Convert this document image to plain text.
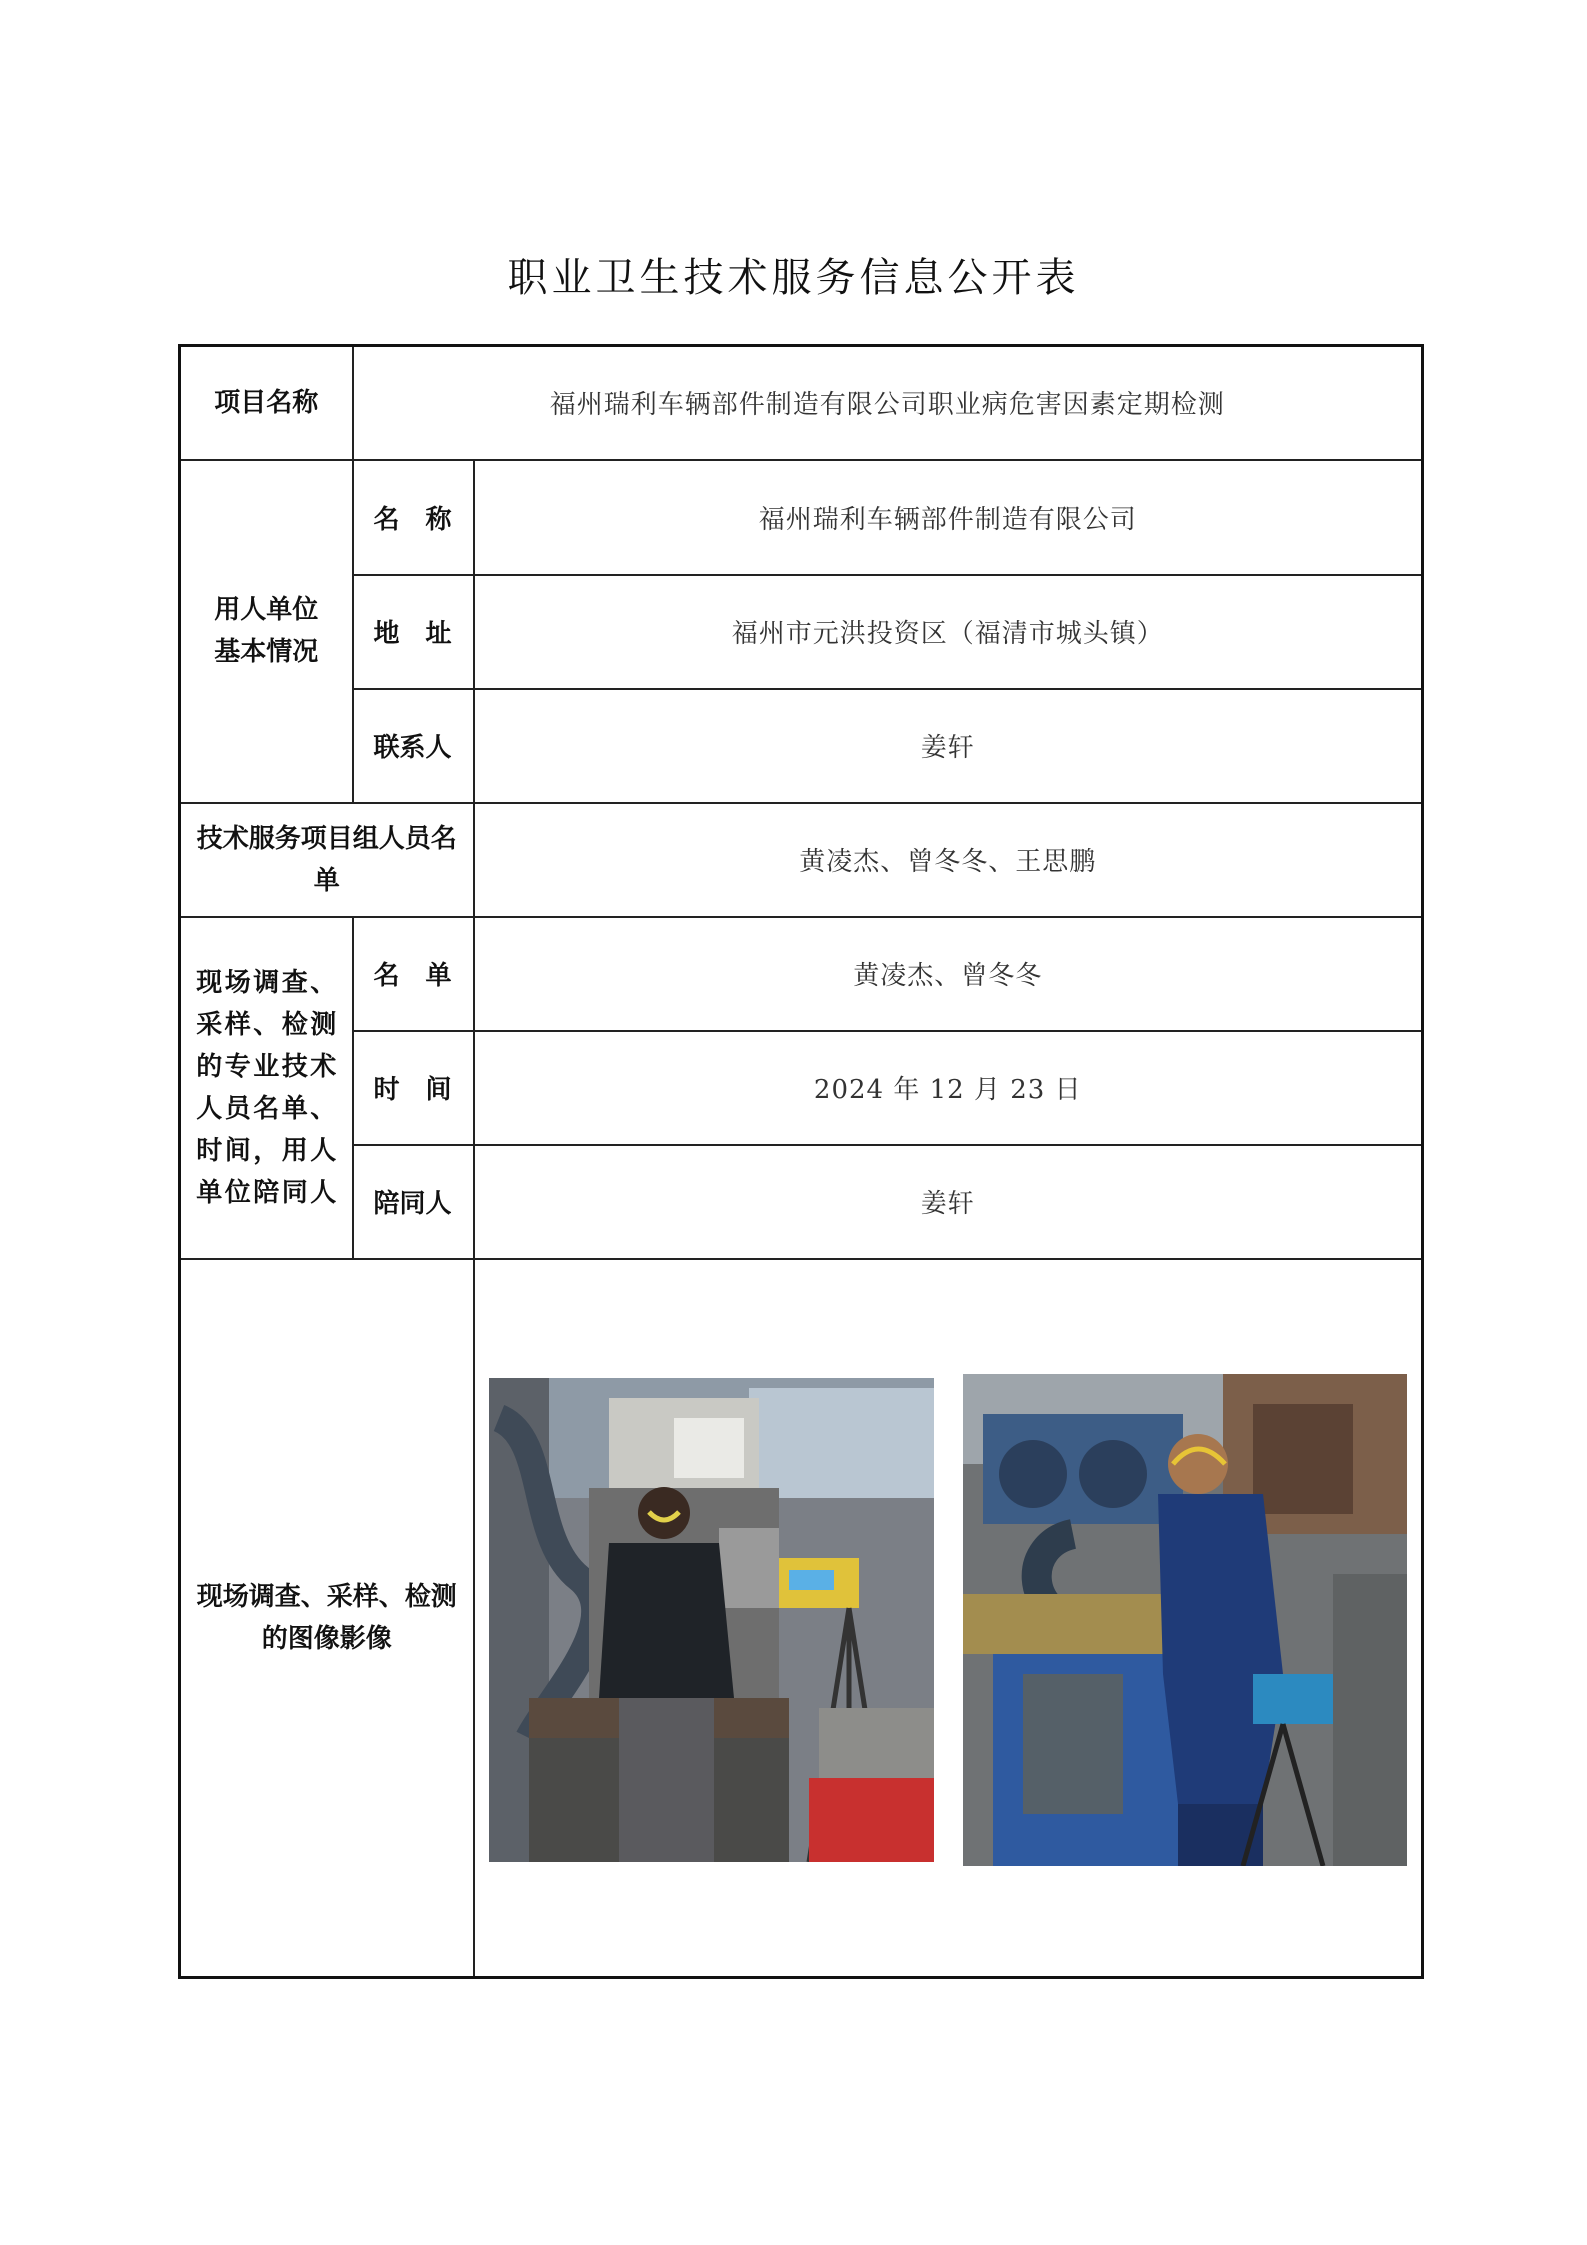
职业卫生技术服务信息公开表
项目名称	福州瑞利车辆部件制造有限公司职业病危害因素定期检测	

用人单位基本情况	名　称	福州瑞利车辆部件制造有限公司
	地　址	福州市元洪投资区（福清市城头镇）
	联系人	姜轩

技术服务项目组人员名单		黄凌杰、曾冬冬、王思鹏

现场调查、采样、检测的专业技术人员名单、时间，用人单位陪同人	名　单	黄凌杰、曾冬冬
	时　间	2024 年 12 月 23 日
	陪同人	姜轩

现场调查、采样、检测的图像影像
